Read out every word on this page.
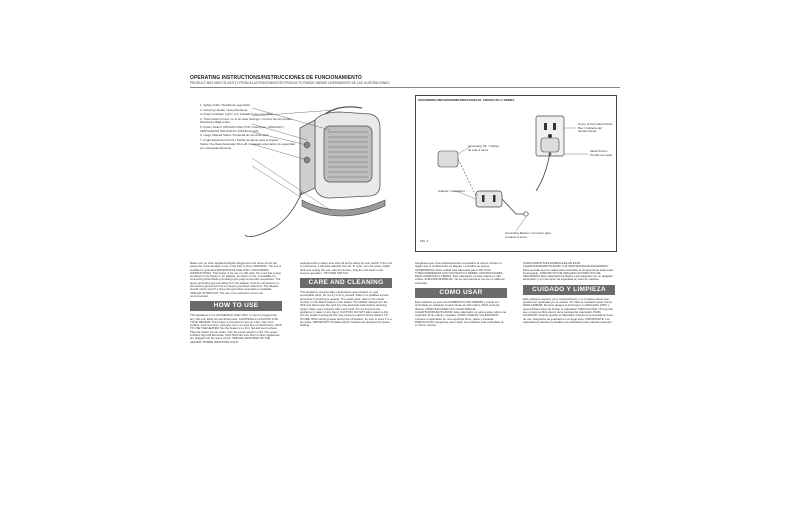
OPERATING INSTRUCTIONS/INSTRUCCIONES DE FUNCIONAMIENTO
PRODUCT MAY VARY SLIGHTLY FROM ILLUSTRATIONS/ESTE PRODUCTO PUEDE VARIAR LIGERAMENTE DE LAS ILUSTRACIONES
1. Safety Grille / Parrilla de seguridad
2. Carrying Handle / Asa para llevar
3. Power Indicator Light / Luz indicadora de encendido
4. Thermostat Control: Lo to Hi Heat Settings / Control del termostato: Posiciones Baja a Alta
5. Power Switch: OFF/FAN ONLY/ON / Interruptor: APAGADO / VENTILADOR SOLO/ALTO (OFF/fan/on/Hi)
6. Large Shaped Stand / Pedestal de forma de arco
7. Angle Adjustment Knob / Perilla de ajuste para el ángulo
Safety Overheat Automatic Shut-off / Apagado automático de seguridad por sobrecalentamiento
GROUNDING METHODS/MÉTODOS PARA EL CONTACTO A TIERRA
Cover of Grounded Outlet Box / Cubierta del tomacorriente
Metal Screw / Tornillo de metal
Grounding Pin / Clavija de polo a tierra
Adapter / Adaptador
Grounding Means / Conexión para contacto a tierra
FIG. 2

Make sure no other appliances/lights plugged into the same circuit will cause the circuit breaker to trip or the fuse to blow. WARNING: The unit is suitable for grounded RECEPTACLE USE ONLY. GROUNDING INSTRUCTIONS: This heater is for use on 120 volts. The cord has a plug as shown in (A) Figure 2. An adapter, as shown in (C), is available for connecting three-blade grounding-type plugs to two-slot receptacles. The green grounding lug extending from the adapter must be connected to a permanent ground such as a properly grounded outlet box. The adapter should not be used if a three-slot grounded receptacle is available. SPECIAL ATTENTION: The use of an extension cord is not recommended.

HOW TO USE

This appliance is for HOUSEHOLD USE ONLY. It may be plugged into any 120-volt, 60Hz AC electrical outlet. CHOOSING A LOCATION FOR YOUR HEATER: This heater is intended for use on a firm, flat, level surface, such as a floor. Operate unit in an area free of obstructions. HOW TO USE THE HEATER: Set the heater on a firm, flat and level surface. Plug the heater into an outlet. Turn the power switch to ON. The power indicator light will illuminate. CAUTION: Be sure that no other appliances are plugged into the same circuit. SPECIAL FEATURES OF THE HEATER: POWER INDICATOR LIGHT.

equipped with a safety auto shut-off and a safety tip-over switch. If the unit is overturned, it will automatically shut off. To reset, turn the power switch OFF and unplug the unit; wait 10 minutes, plug the unit back in and resume operation. TIP OVER SWITCH.

CARE AND CLEANING

This appliance requires little maintenance and contains no user serviceable parts. Do not try to fix it yourself. Refer it to qualified service personnel if servicing is needed. The repair parts, refer to the model number on the label located on the heater. TO CLEAN: Always turn the OFF and disconnect the cord from the electrical outlet before cleaning heater. Wipe outer surfaces with a soft cloth. Do not immerse the appliance in water or any liquid. CAUTION: DO NOT allow water to drip into the heater housing as this may cause an electric shock hazard. TO STORE: When storing heater during the off season, be sure to store it in a dry place. IMPORTANT: Portable electric heaters are designed for space heating.

Asegúrese que otros artefactos/luces conectados al mismo circuito no hagan que el cortacircuitos se dispare o el fusible se queme. ADVERTENCIA: Este unidad esta adecuada para USO CON TOMACORRIENTES CON CONTACTO A TIERRA. INSTRUCCIONES PARA CONEXIÓN A TIERRA: Este calentador es para usarse en 120 voltios. ATENCIÓN ESPECIAL: No se recomienda el uso de un cable de extensión.

COMO USAR

Este artefacto es para uso DOMÉSTICO SOLAMENTE y puede ser enchufado en cualquier tomacorriente de 120 voltios, 60Hz corriente alterna. CÓMO ESCOGER UN LUGAR PARA EL CALENTADOR/VENTILADOR. Este calentador es para usarse sobre una superficie firme, plana y nivelada. CÓMO USAR EL CALENTADOR: Coloque el calentador en una superficie firme, plana y nivelada. PRECAUCIÓN: Asegúrese que ningún otro artefacto esté enchufado en el mismo circuito.

CARACTERÍSTICAS ESPECIALES DE ESTE CALENTADOR/VENTILADOR. LUZ INDICADORA DE ENCENDIDO: Para recordar que la unidad está encendida, el tomacorriente debe estar funcionando. DISPOSITIVO DE APAGADO AUTOMÁTICO DE SEGURIDAD: Este calentador/ventilador está equipado con un apagado automático y un interruptor de seguridad en caso de volcarse.

CUIDADO Y LIMPIEZA

Este artefacto requiere poco mantenimiento y no contiene piezas que puedan ser reparadas por el usuario. No trate de repararlo usted mismo. PARA LIMPIAR: Siempre apague el interruptor en APAGADO (OFF) y desenchúfelo antes de limpiar el calentador. PRECAUCIÓN: NO permita que el agua se filtre dentro de la carcasa del calentador. PARA GUARDAR: Cuando guarde el calentador durante la temporada de fuera de uso, asegúrese de guardarlo en un lugar seco. IMPORTANTE: Los calentadores eléctricos portátiles son diseñados para calentar espacios.
